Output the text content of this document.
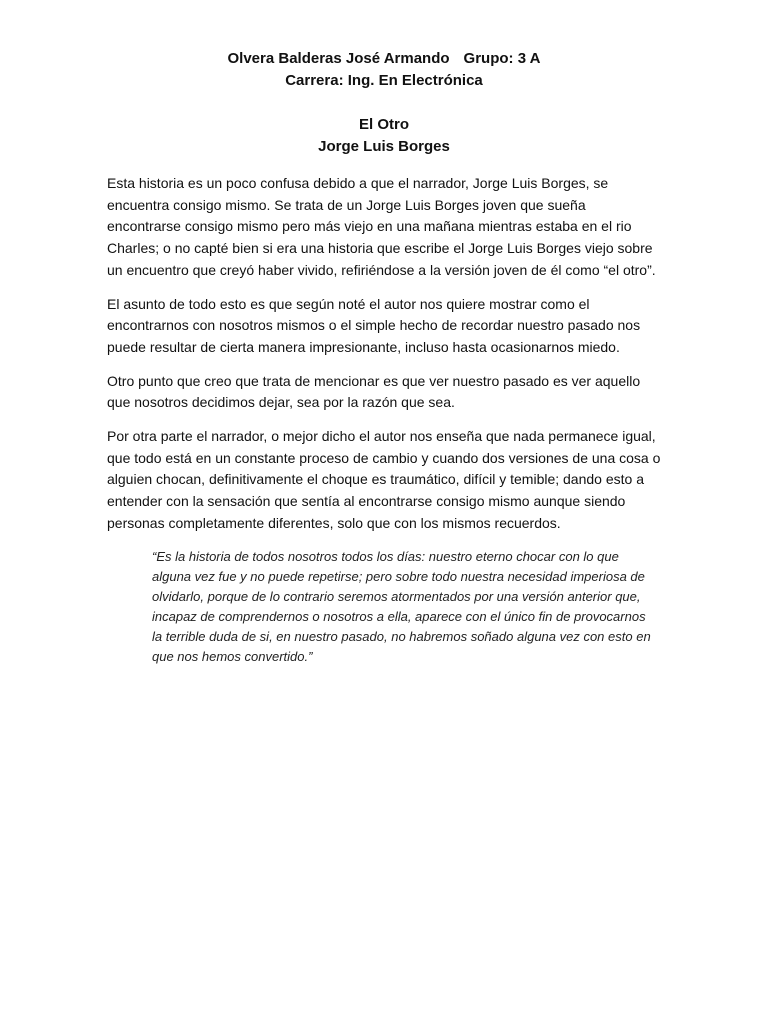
Olvera Balderas José Armando Grupo: 3 A
Carrera: Ing. En Electrónica
El Otro
Jorge Luis Borges

Esta historia es un poco confusa debido a que el narrador, Jorge Luis Borges, se encuentra consigo mismo. Se trata de un Jorge Luis Borges joven que sueña encontrarse consigo mismo pero más viejo en una mañana mientras estaba en el rio Charles; o no capté bien si era una historia que escribe el Jorge Luis Borges viejo sobre un encuentro que creyó haber vivido, refiriéndose a la versión joven de él como “el otro”.

El asunto de todo esto es que según noté el autor nos quiere mostrar como el encontrarnos con nosotros mismos o el simple hecho de recordar nuestro pasado nos puede resultar de cierta manera impresionante, incluso hasta ocasionarnos miedo.

Otro punto que creo que trata de mencionar es que ver nuestro pasado es ver aquello que nosotros decidimos dejar, sea por la razón que sea.

Por otra parte el narrador, o mejor dicho el autor nos enseña que nada permanece igual, que todo está en un constante proceso de cambio y cuando dos versiones de una cosa o alguien chocan, definitivamente el choque es traumático, difícil y temible; dando esto a entender con la sensación que sentía al encontrarse consigo mismo aunque siendo personas completamente diferentes, solo que con los mismos recuerdos.

“Es la historia de todos nosotros todos los días: nuestro eterno chocar con lo que alguna vez fue y no puede repetirse; pero sobre todo nuestra necesidad imperiosa de olvidarlo, porque de lo contrario seremos atormentados por una versión anterior que, incapaz de comprendernos o nosotros a ella, aparece con el único fin de provocarnos la terrible duda de si, en nuestro pasado, no habremos soñado alguna vez con esto en que nos hemos convertido.”
